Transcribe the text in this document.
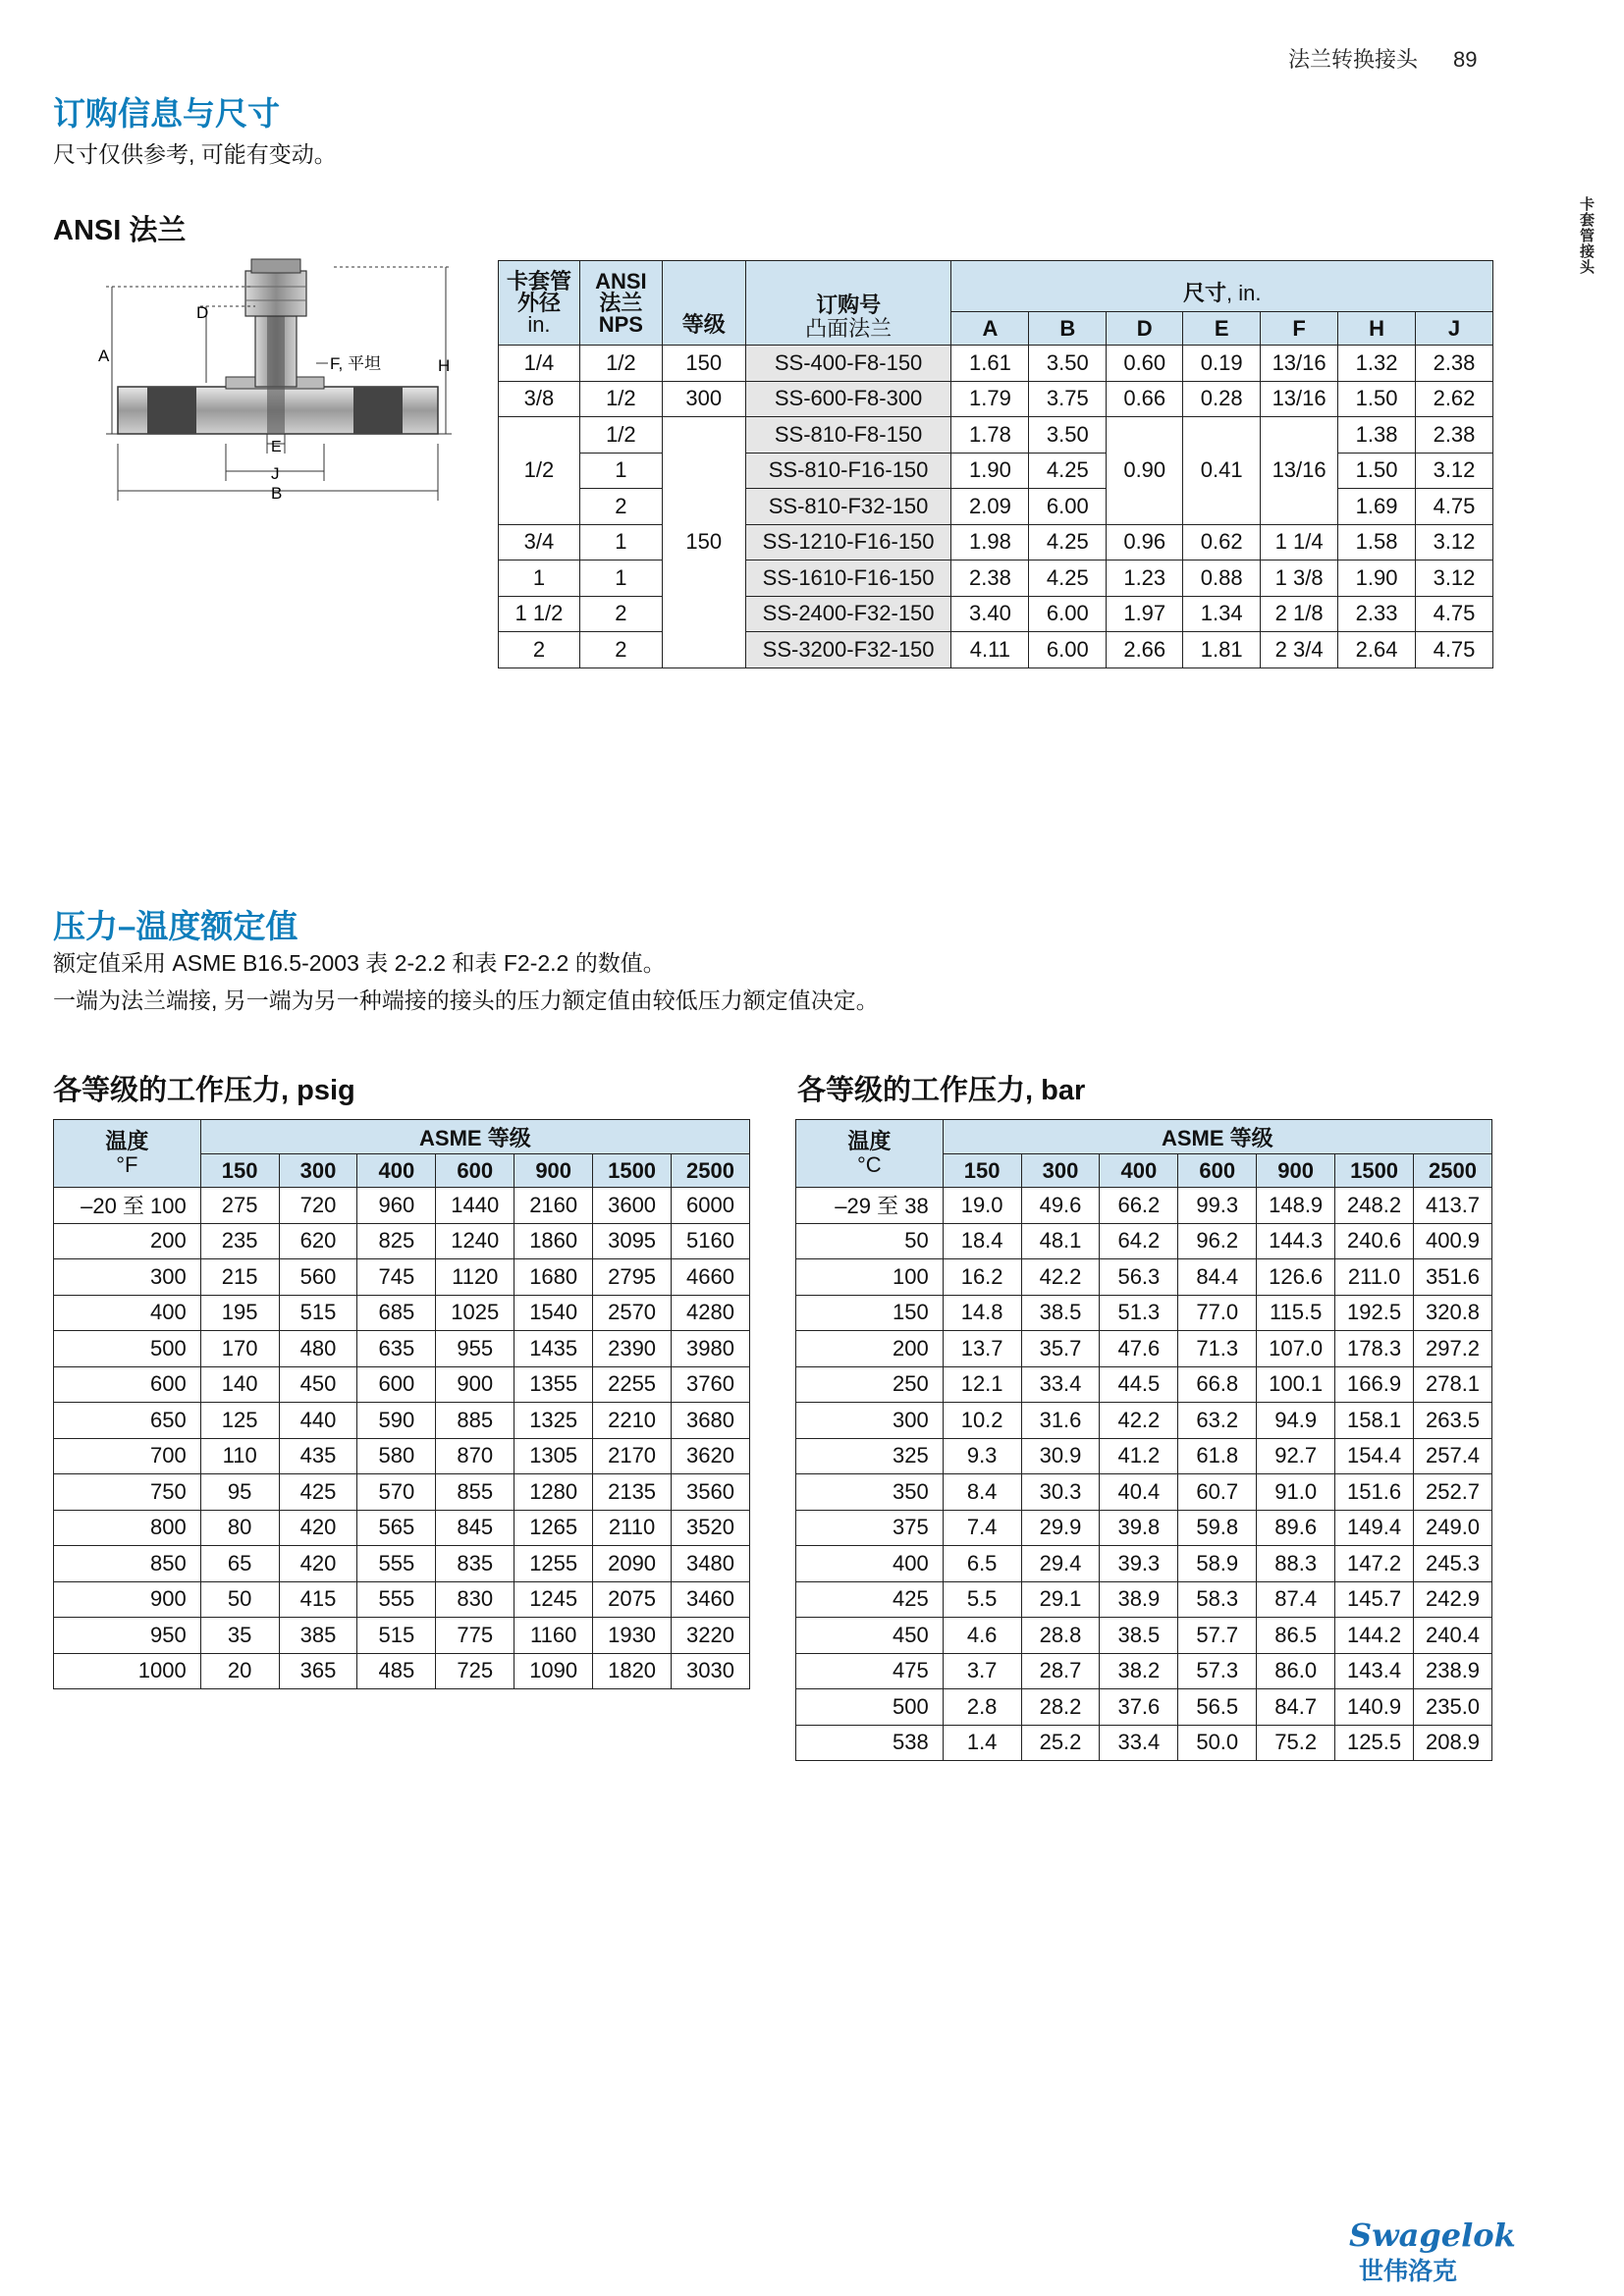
法兰转换接头 89
卡套管接头
订购信息与尺寸
尺寸仅供参考, 可能有变动。
ANSI 法兰
D
A	F, 平坦	H
E
J
B
卡套管
外径
in.	ANSI
法兰
NPS	等级	订购号
凸面法兰	尺寸, in.						
				A	B	D	E	F	H	J
1/4	1/2	150	SS-400-F8-150	1.61	3.50	0.60	0.19	13/16	1.32	2.38
3/8	1/2	300	SS-600-F8-300	1.79	3.75	0.66	0.28	13/16	1.50	2.62
1/2	1/2	150	SS-810-F8-150	1.78	3.50	0.90	0.41	13/16	1.38	2.38
	1		SS-810-F16-150	1.90	4.25				1.50	3.12
	2		SS-810-F32-150	2.09	6.00				1.69	4.75
3/4	1		SS-1210-F16-150	1.98	4.25	0.96	0.62	1 1/4	1.58	3.12
1	1		SS-1610-F16-150	2.38	4.25	1.23	0.88	1 3/8	1.90	3.12
1 1/2	2		SS-2400-F32-150	3.40	6.00	1.97	1.34	2 1/8	2.33	4.75
2	2		SS-3200-F32-150	4.11	6.00	2.66	1.81	2 3/4	2.64	4.75
压力–温度额定值
额定值采用 ASME B16.5-2003 表 2-2.2 和表 F2-2.2 的数值。
一端为法兰端接, 另一端为另一种端接的接头的压力额定值由较低压力额定值决定。
各等级的工作压力, psig	各等级的工作压力, bar
温度
°F	ASME 等级						
	150	300	400	600	900	1500	2500
–20 至 100	275	720	960	1440	2160	3600	6000
200	235	620	825	1240	1860	3095	5160
300	215	560	745	1120	1680	2795	4660
400	195	515	685	1025	1540	2570	4280
500	170	480	635	955	1435	2390	3980
600	140	450	600	900	1355	2255	3760
650	125	440	590	885	1325	2210	3680
700	110	435	580	870	1305	2170	3620
750	95	425	570	855	1280	2135	3560
800	80	420	565	845	1265	2110	3520
850	65	420	555	835	1255	2090	3480
900	50	415	555	830	1245	2075	3460
950	35	385	515	775	1160	1930	3220
1000	20	365	485	725	1090	1820	3030
温度
°C	ASME 等级						
	150	300	400	600	900	1500	2500
–29 至 38	19.0	49.6	66.2	99.3	148.9	248.2	413.7
50	18.4	48.1	64.2	96.2	144.3	240.6	400.9
100	16.2	42.2	56.3	84.4	126.6	211.0	351.6
150	14.8	38.5	51.3	77.0	115.5	192.5	320.8
200	13.7	35.7	47.6	71.3	107.0	178.3	297.2
250	12.1	33.4	44.5	66.8	100.1	166.9	278.1
300	10.2	31.6	42.2	63.2	94.9	158.1	263.5
325	9.3	30.9	41.2	61.8	92.7	154.4	257.4
350	8.4	30.3	40.4	60.7	91.0	151.6	252.7
375	7.4	29.9	39.8	59.8	89.6	149.4	249.0
400	6.5	29.4	39.3	58.9	88.3	147.2	245.3
425	5.5	29.1	38.9	58.3	87.4	145.7	242.9
450	4.6	28.8	38.5	57.7	86.5	144.2	240.4
475	3.7	28.7	38.2	57.3	86.0	143.4	238.9
500	2.8	28.2	37.6	56.5	84.7	140.9	235.0
538	1.4	25.2	33.4	50.0	75.2	125.5	208.9
Swagelok
世伟洛克
